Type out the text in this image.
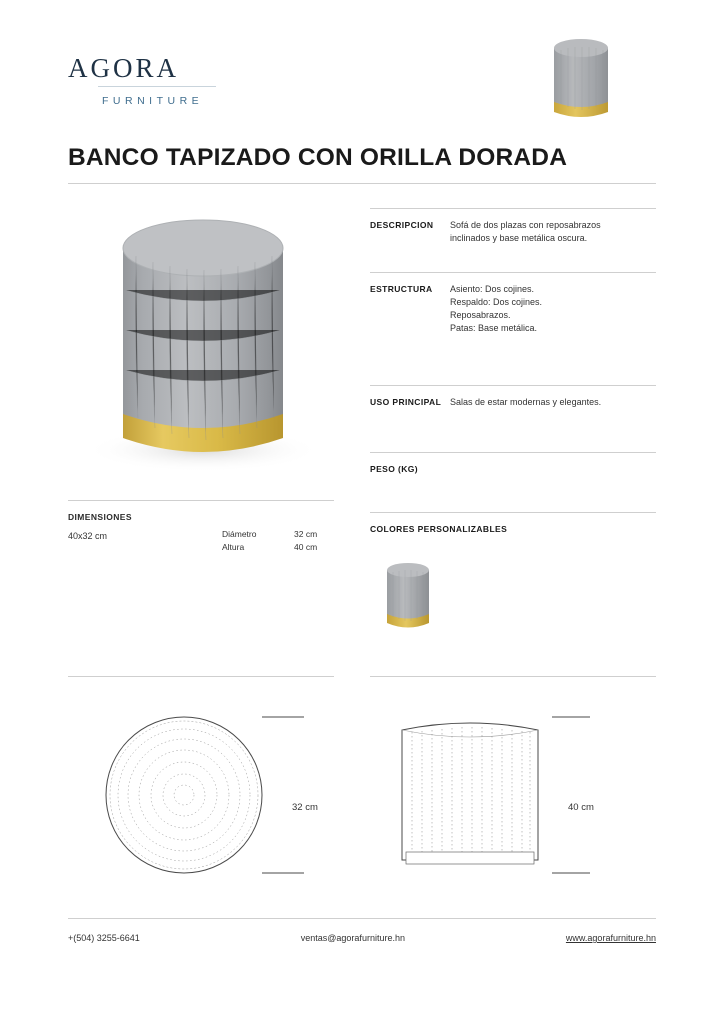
AGORA
FURNITURE
BANCO TAPIZADO CON ORILLA DORADA
DESCRIPCION	Sofá de dos plazas con reposabrazos
inclinados y base metálica oscura.
ESTRUCTURA	Asiento: Dos cojines.
Respaldo: Dos cojines.
Reposabrazos.
Patas: Base metálica.
USO PRINCIPAL Salas de estar modernas y elegantes.
PESO (KG)
COLORES PERSONALIZABLES
DIMENSIONES
40x32 cm	Diámetro	32 cm
Altura	40 cm
32 cm	40 cm
+(504) 3255-6641	ventas@agorafurniture.hn	www.agorafurniture.hn
